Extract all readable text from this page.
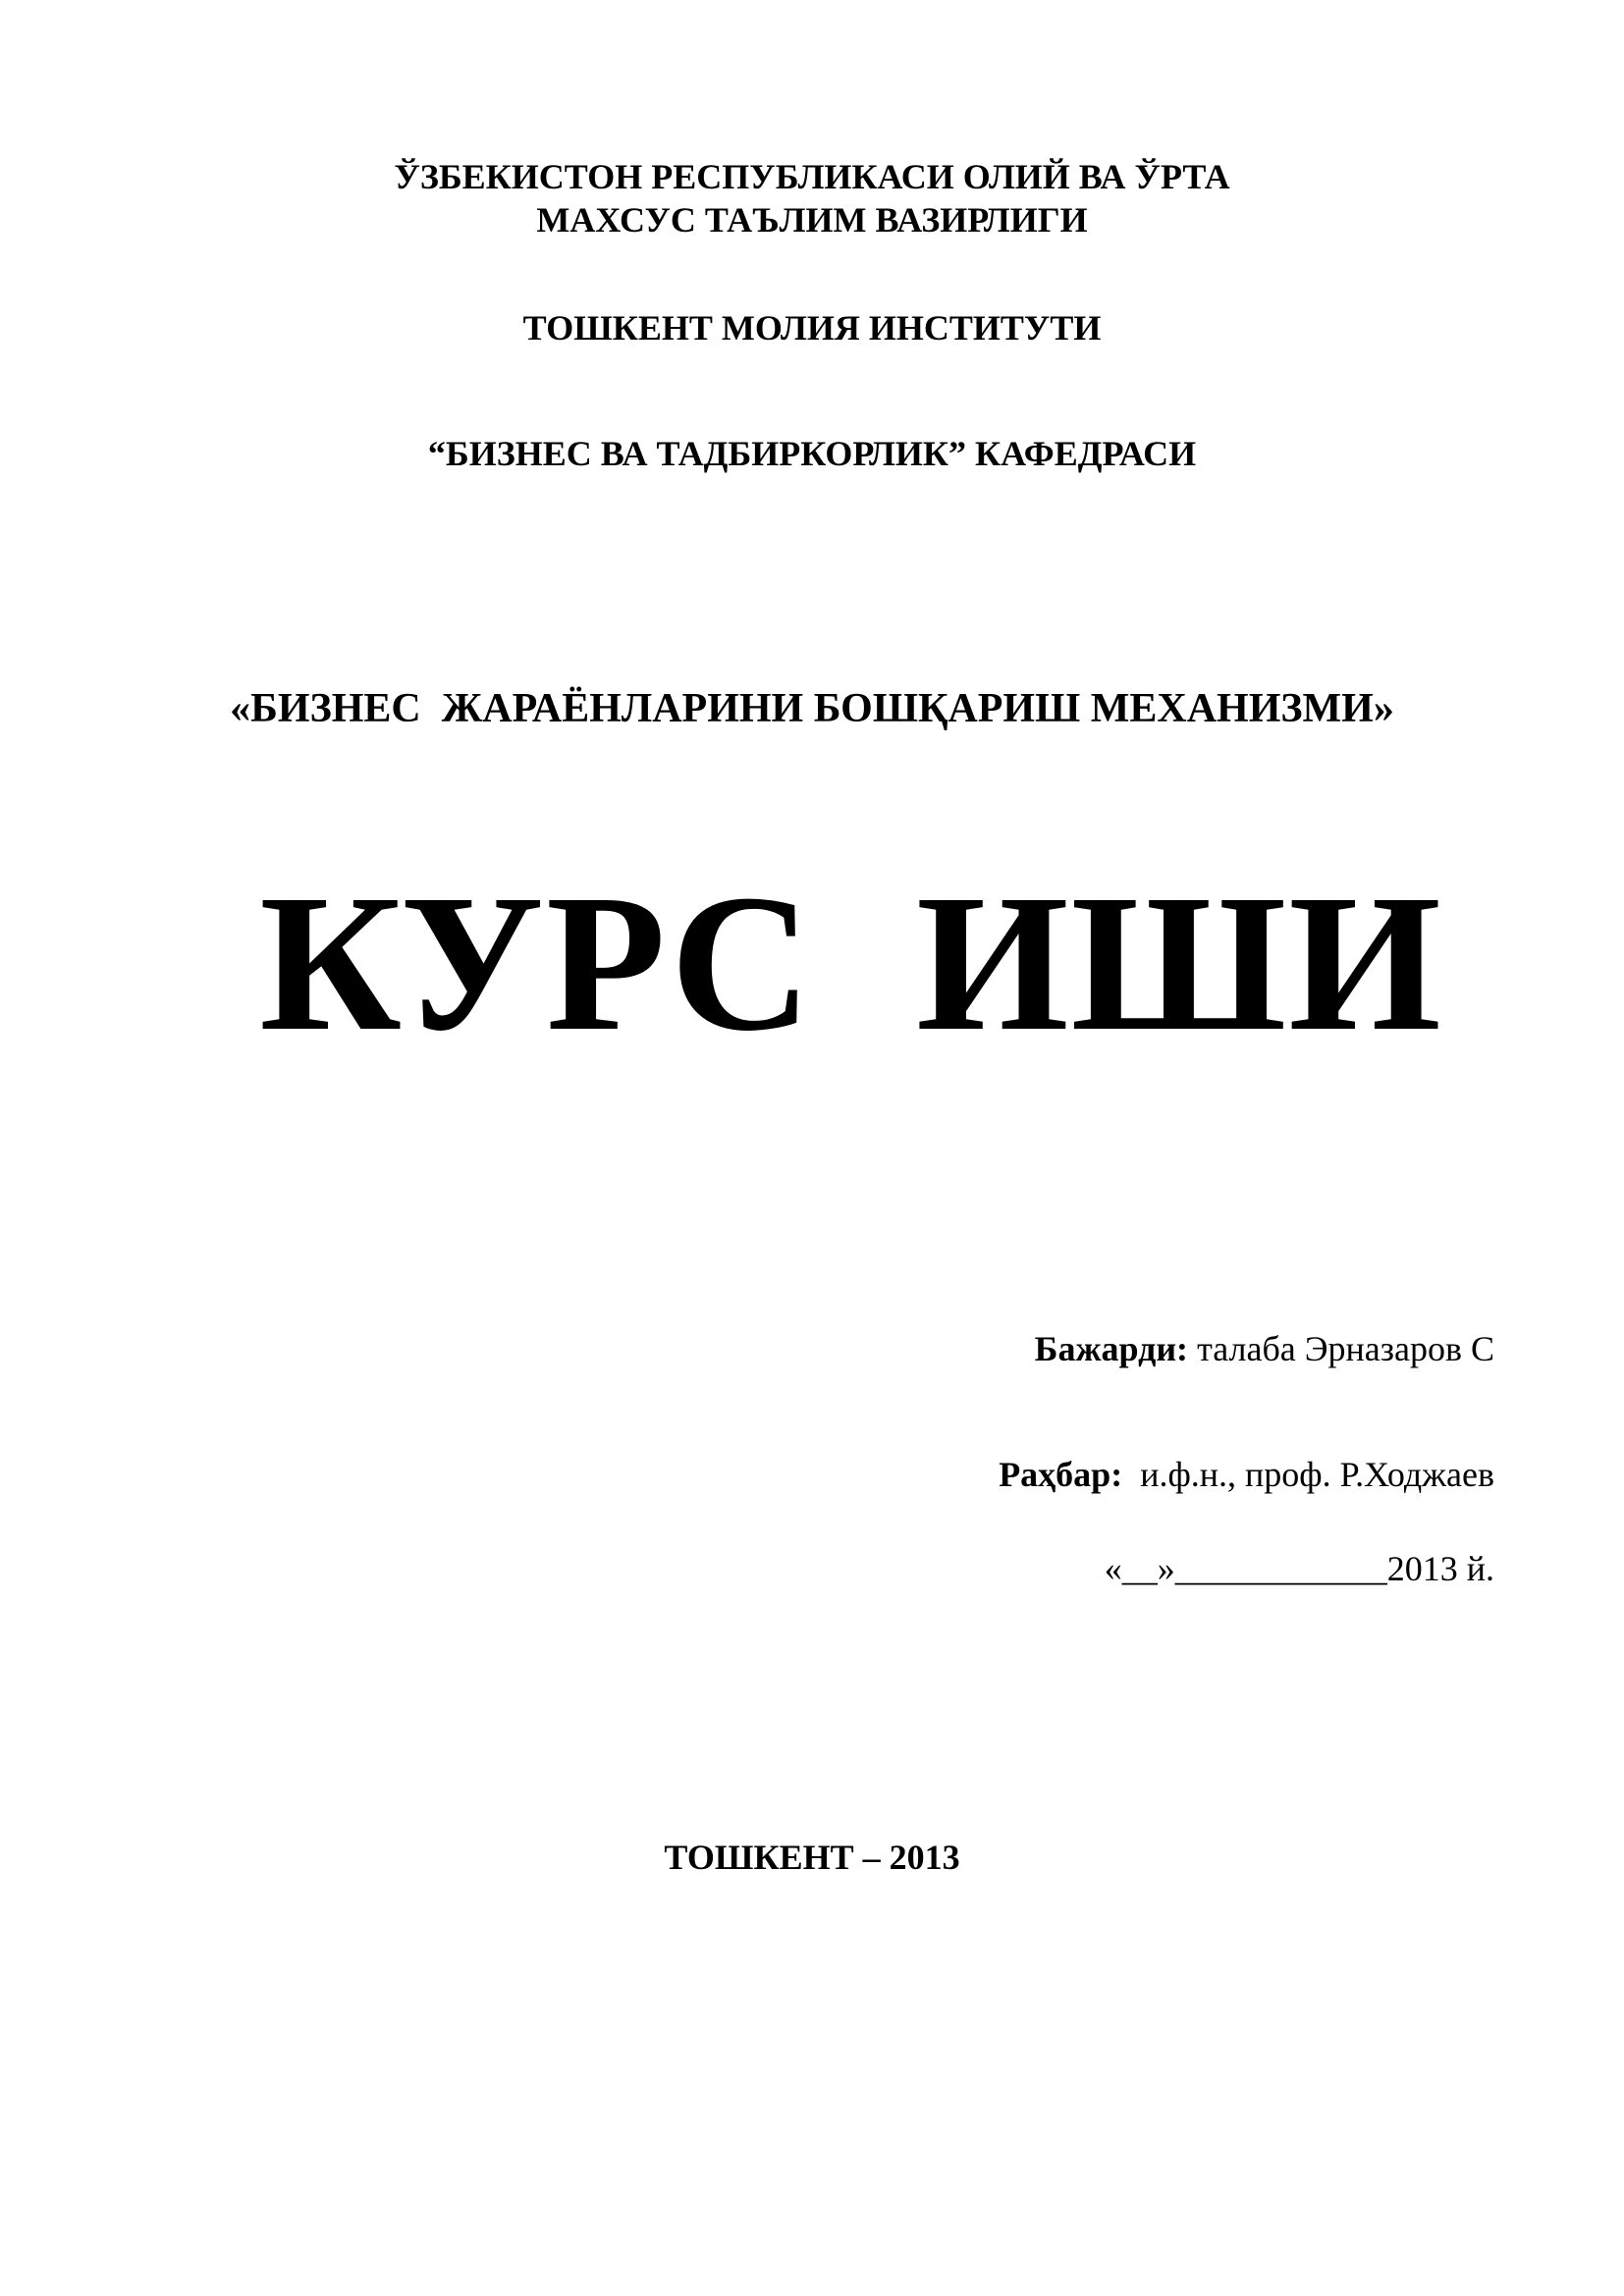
ЎЗБЕКИСТОН РЕСПУБЛИКАСИ ОЛИЙ ВА ЎРТА
МАХСУС ТАЪЛИМ ВАЗИРЛИГИ
ТОШКЕНТ МОЛИЯ ИНСТИТУТИ
“БИЗНЕС ВА ТАДБИРКОРЛИК” КАФЕДРАСИ
«БИЗНЕС  ЖАРАЁНЛАРИНИ БОШҚАРИШ МЕХАНИЗМИ»
КУРС  ИШИ
Бажарди: талаба Эрназаров С
Раҳбар:  и.ф.н., проф. Р.Ходжаев
«__»____________2013 й.
ТОШКЕНТ – 2013
